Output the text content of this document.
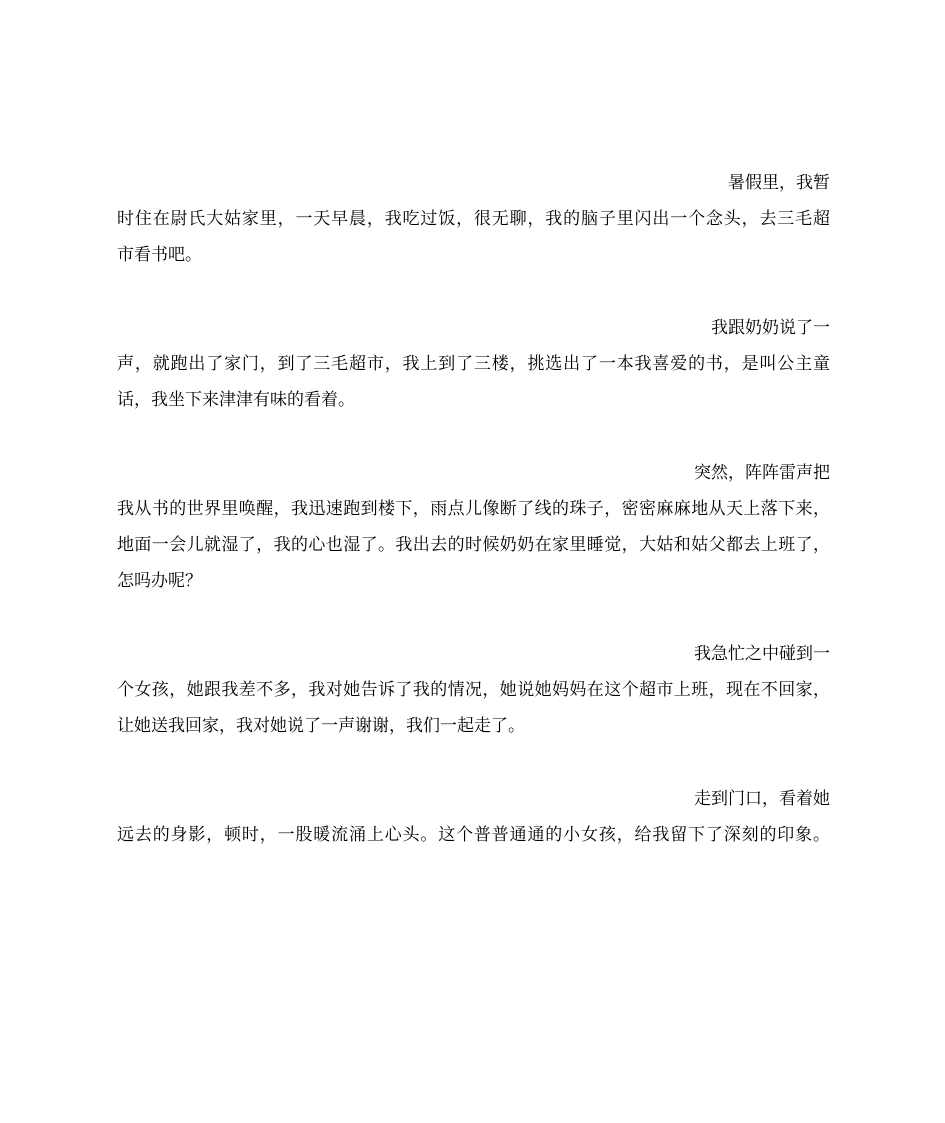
暑假里，我暂
时住在尉氏大姑家里，一天早晨，我吃过饭，很无聊，我的脑子里闪出一个念头，去三毛超
市看书吧。
我跟奶奶说了一
声，就跑出了家门，到了三毛超市，我上到了三楼，挑选出了一本我喜爱的书，是叫公主童
话，我坐下来津津有味的看着。
突然，阵阵雷声把
我从书的世界里唤醒，我迅速跑到楼下，雨点儿像断了线的珠子，密密麻麻地从天上落下来，
地面一会儿就湿了，我的心也湿了。我出去的时候奶奶在家里睡觉，大姑和姑父都去上班了，
怎吗办呢？
我急忙之中碰到一
个女孩，她跟我差不多，我对她告诉了我的情况，她说她妈妈在这个超市上班，现在不回家，
让她送我回家，我对她说了一声谢谢，我们一起走了。
走到门口，看着她
远去的身影，顿时，一股暖流涌上心头。这个普普通通的小女孩，给我留下了深刻的印象。
